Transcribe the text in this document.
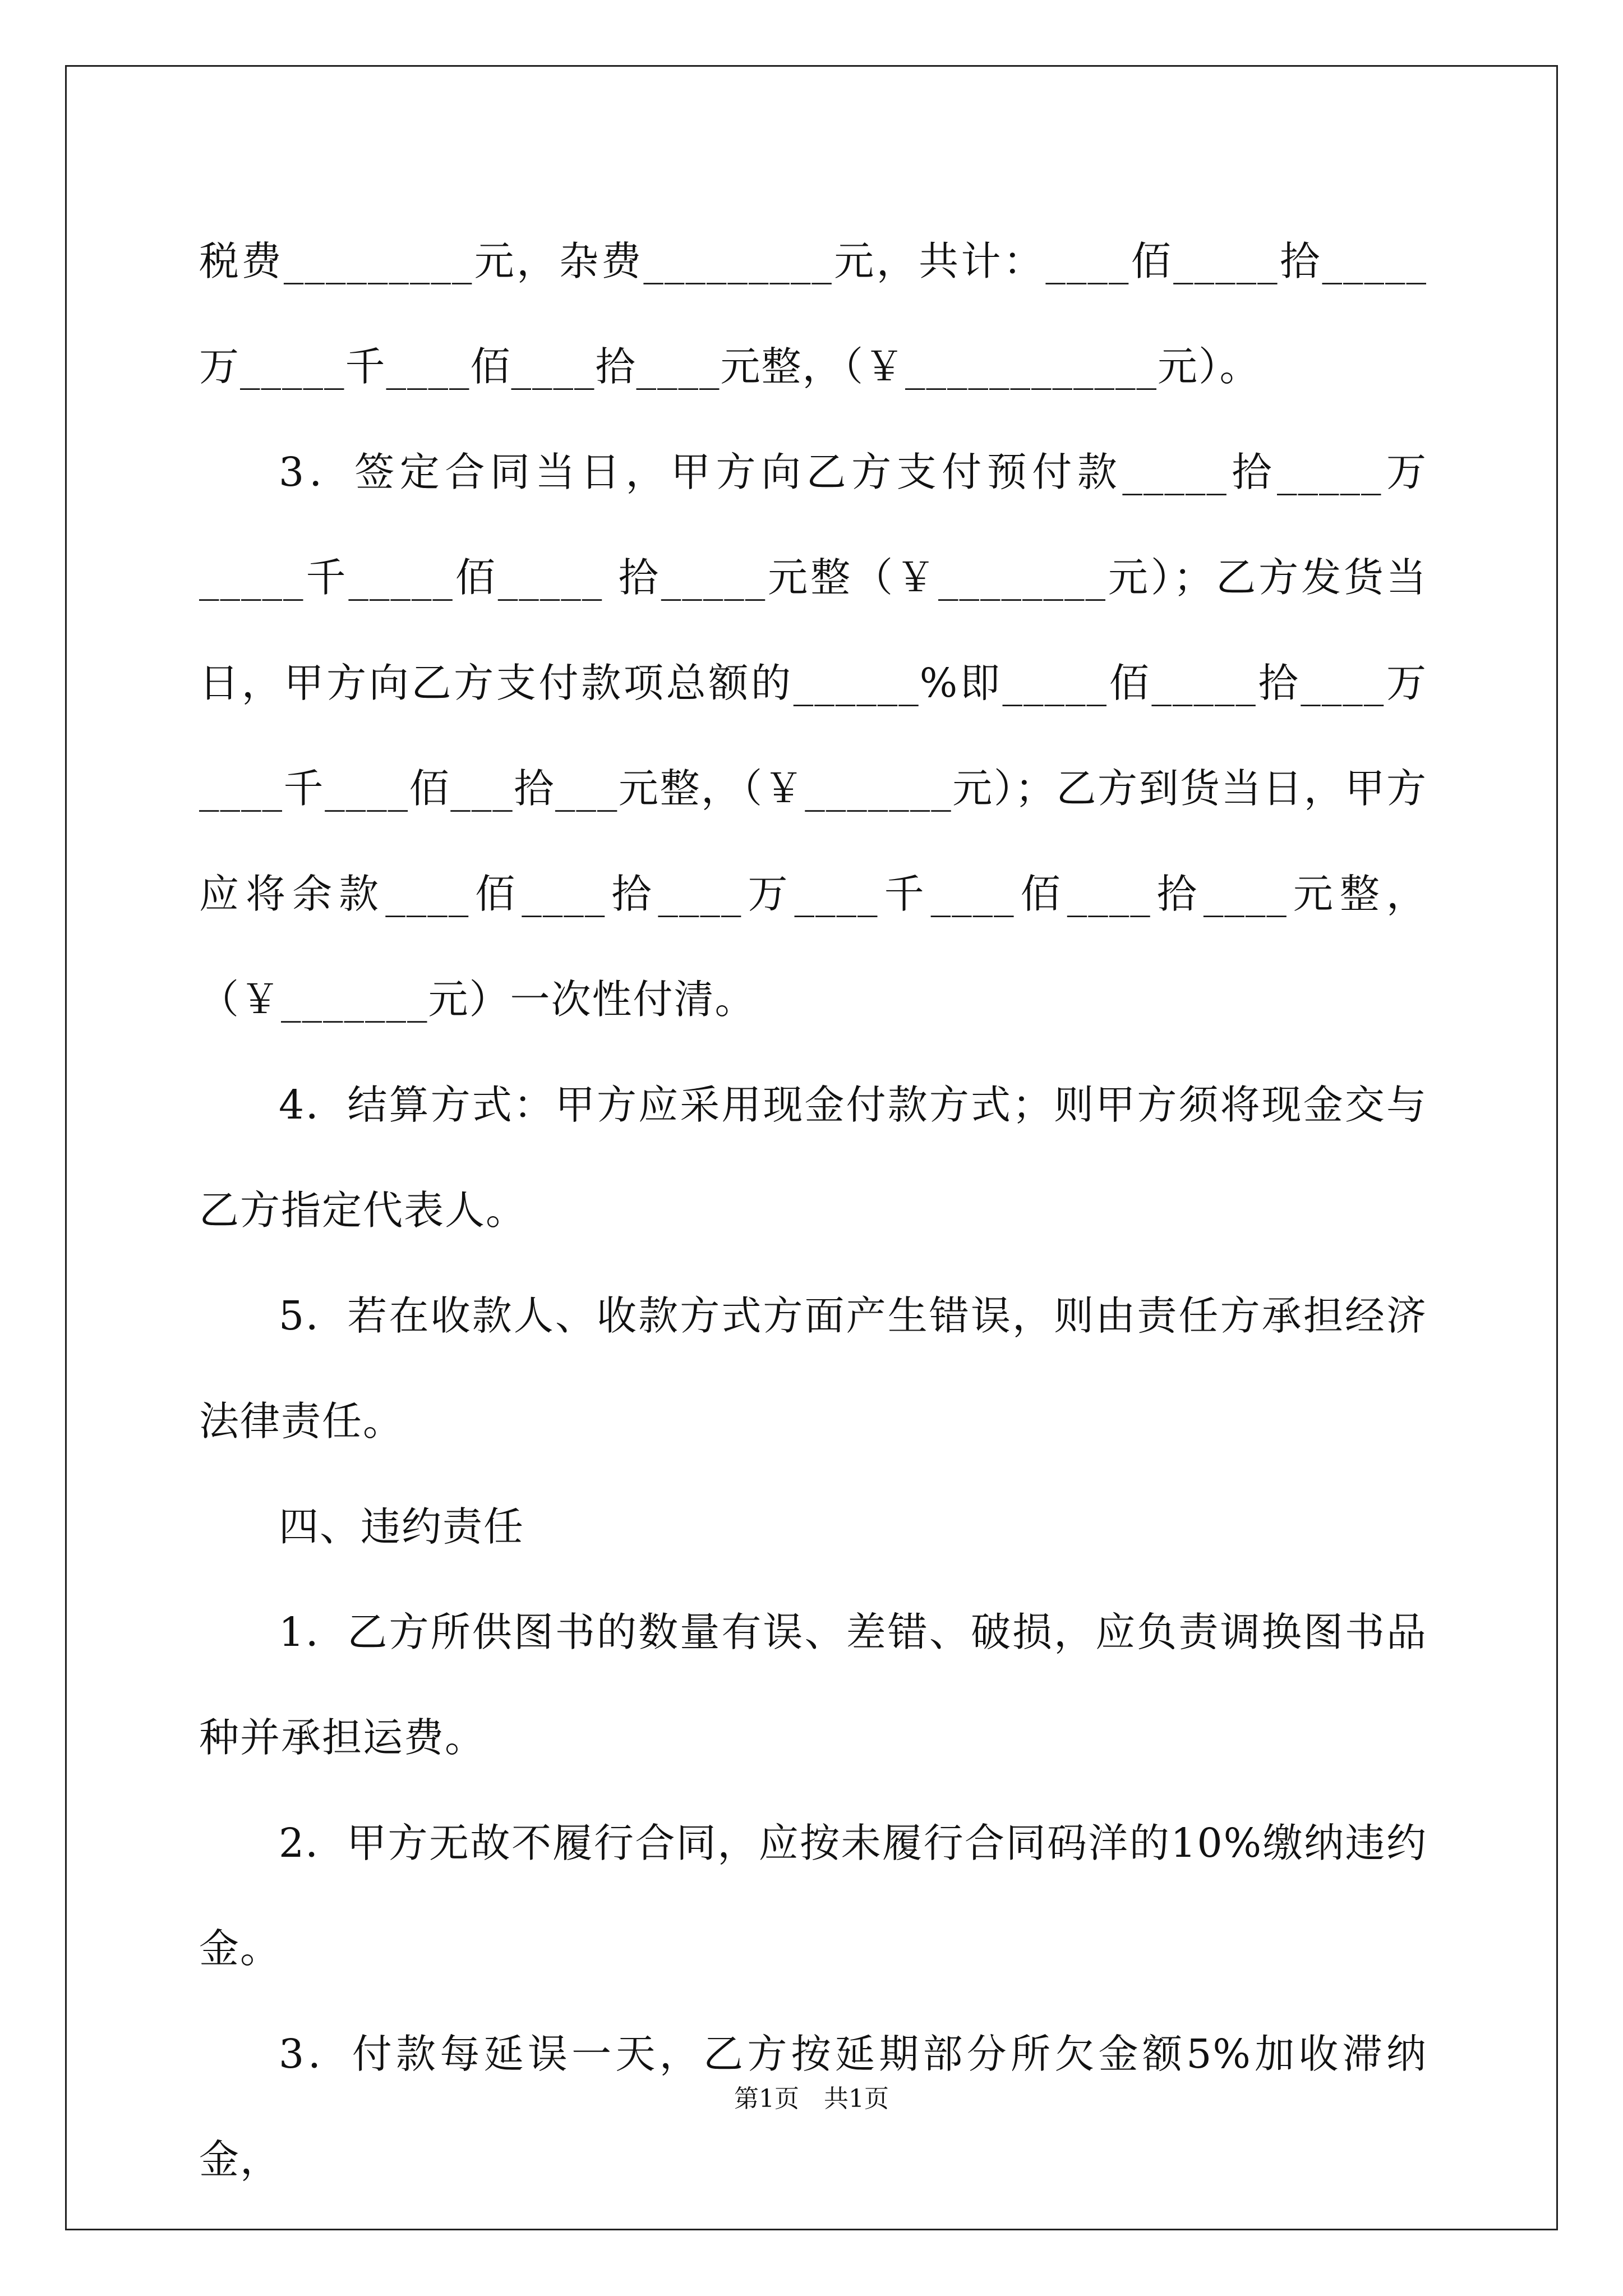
税费_________元，杂费_________元，共计：____佰_____拾_____万_____千____佰____拾____元整，（￥____________元）。

3．签定合同当日，甲方向乙方支付预付款_____拾_____万_____千_____佰_____ 拾_____元整（￥________元）；乙方发货当日，甲方向乙方支付款项总额的______%即_____佰_____拾____万____千____佰___拾___元整，（￥_______元）；乙方到货当日，甲方应将余款____佰____拾____万____千____佰____拾____元整，（￥_______元）一次性付清。

4．结算方式：甲方应采用现金付款方式；则甲方须将现金交与乙方指定代表人。

5．若在收款人、收款方式方面产生错误，则由责任方承担经济法律责任。

四、违约责任

1．乙方所供图书的数量有误、差错、破损，应负责调换图书品种并承担运费。

2．甲方无故不履行合同，应按未履行合同码洋的10%缴纳违约金。

3．付款每延误一天，乙方按延期部分所欠金额5%加收滞纳金，

第1页　共1页
